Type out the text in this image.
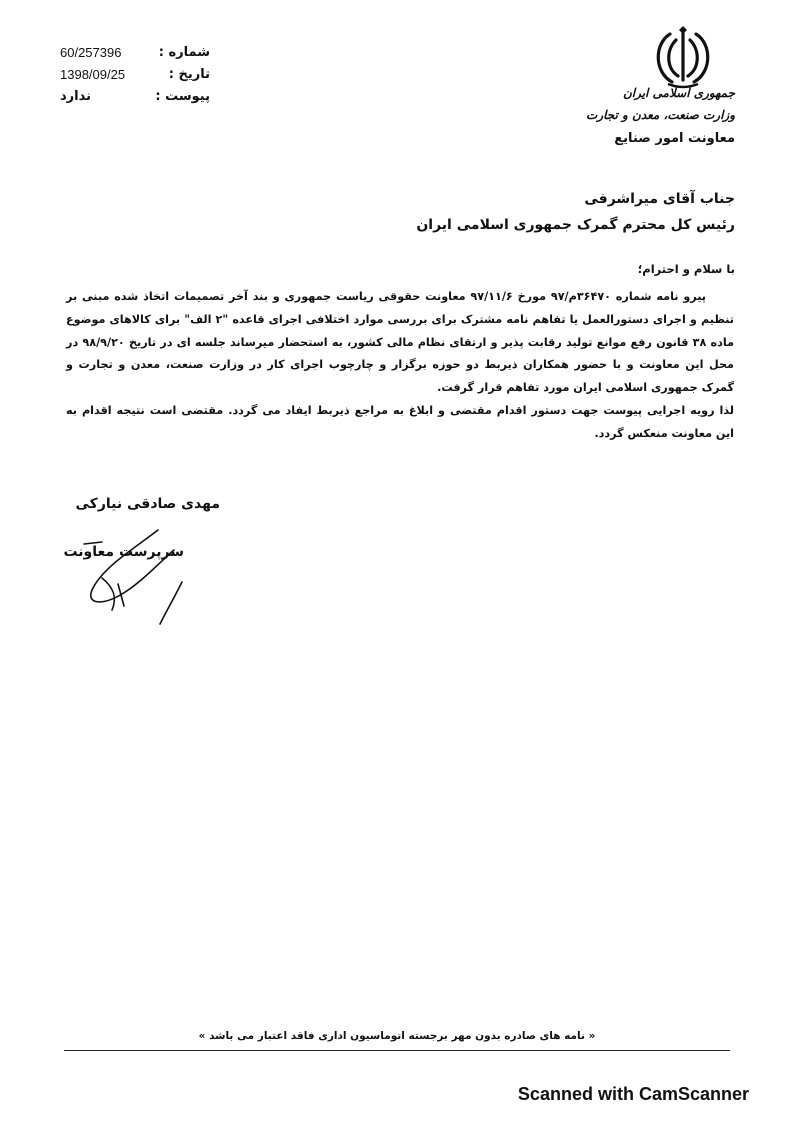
شماره :
60/257396
تاریخ :
1398/09/25
پیوست :
ندارد	جمهوری اسلامی ایران
وزارت صنعت، معدن و تجارت
معاونت امور صنایع
جناب آقای میراشرفی
رئیس کل محترم گمرک جمهوری اسلامی ایران
با سلام و احترام؛

پیرو نامه شماره ۳۶۴۷۰م/۹۷ مورخ ۹۷/۱۱/۶ معاونت حقوقی ریاست جمهوری و بند آخر تصمیمات اتخاذ شده مبنی بر تنظیم و اجرای دستورالعمل یا تفاهم نامه مشترک برای بررسی موارد اختلافی اجرای قاعده "۲ الف" برای کالاهای موضوع ماده ۳۸ قانون رفع موانع تولید رقابت پذیر و ارتقای نظام مالی کشور، به استحضار میرساند جلسه ای در تاریخ ۹۸/۹/۲۰ در محل این معاونت و با حضور همکاران ذیربط دو حوزه برگزار و چارچوب اجرای کار در وزارت صنعت، معدن و تجارت و گمرک جمهوری اسلامی ایران مورد تفاهم قرار گرفت.

لذا رویه اجرایی پیوست جهت دستور اقدام مقتضی و ابلاغ به مراجع ذیربط ایفاد می گردد. مقتضی است نتیجه اقدام به این معاونت منعکس گردد.

مهدی صادقی نیارکی
سرپرست معاونت
« نامه های صادره بدون مهر برجسته اتوماسیون اداری فاقد اعتبار می باشد »
Scanned with CamScanner
